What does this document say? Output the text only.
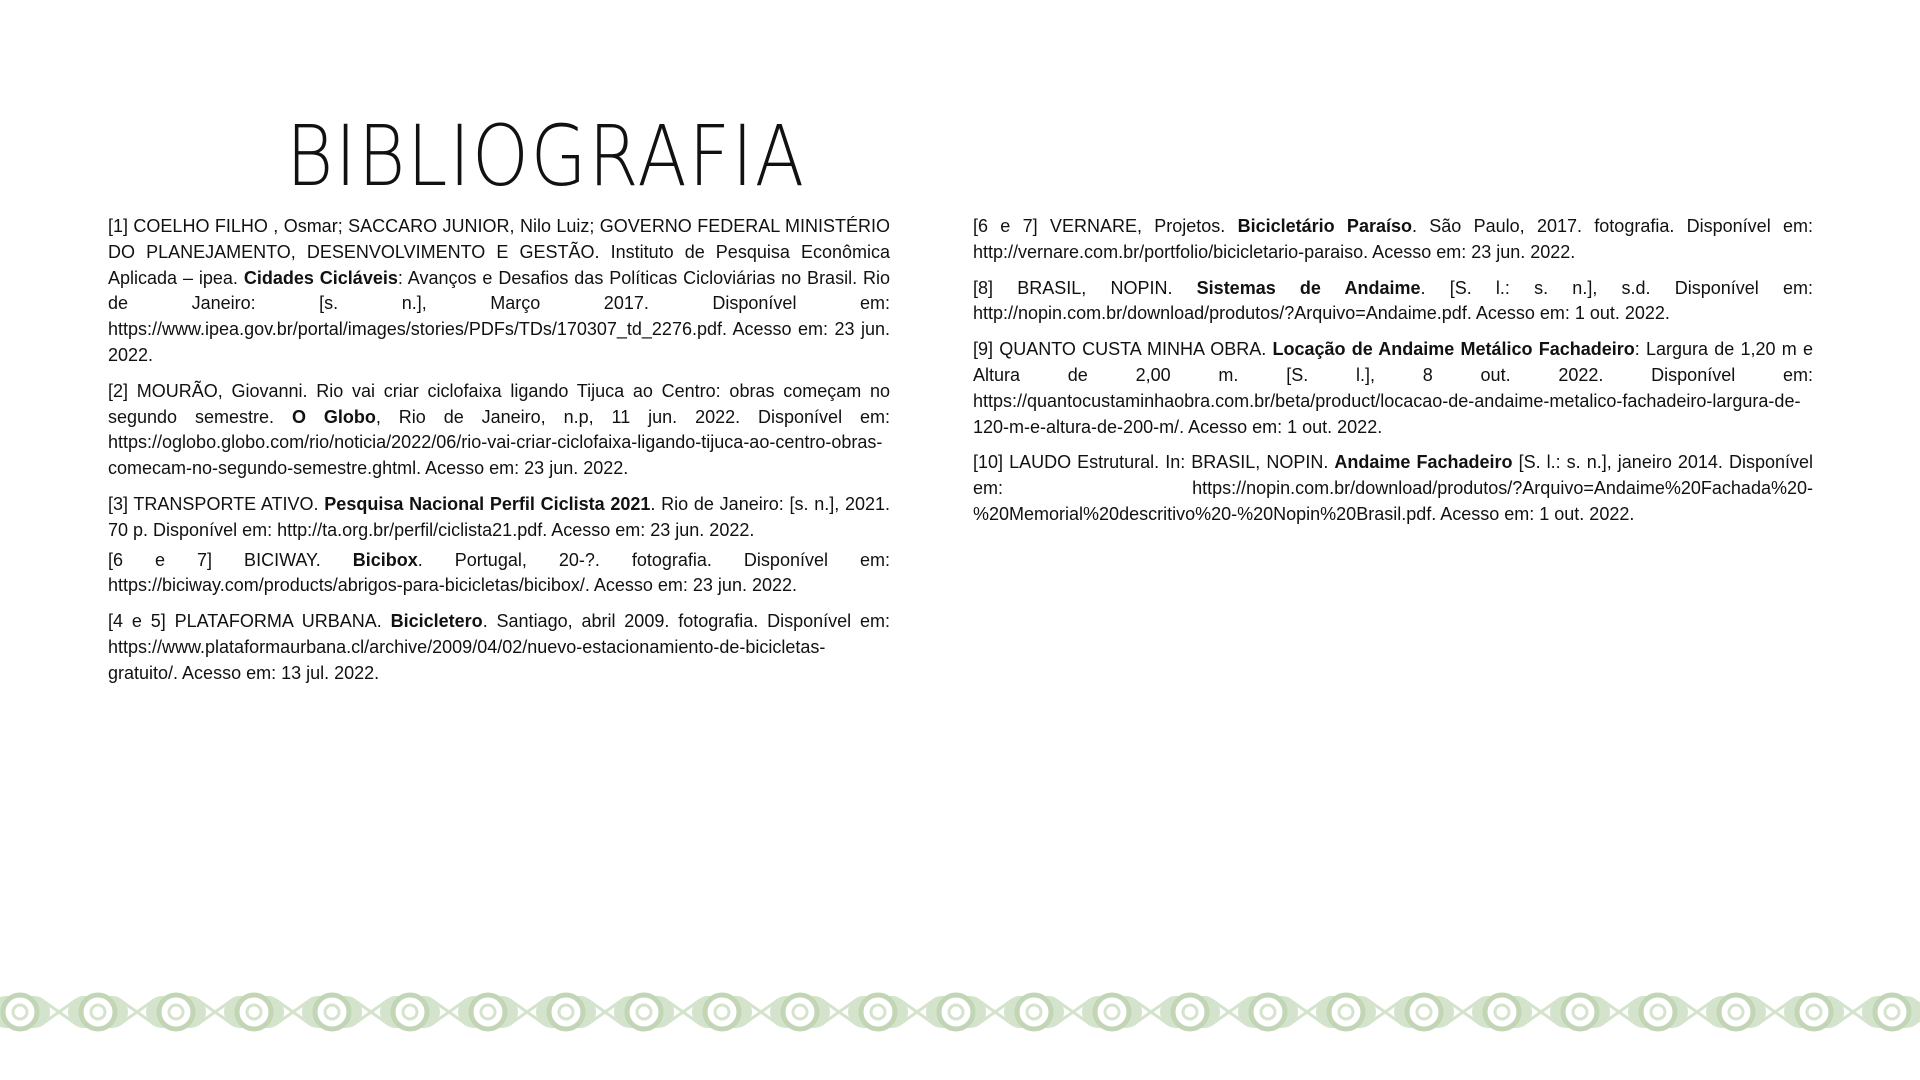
BIBLIOGRAFIA

[1] COELHO FILHO , Osmar; SACCARO JUNIOR, Nilo Luiz; GOVERNO FEDERAL MINISTÉRIO DO PLANEJAMENTO, DESENVOLVIMENTO E GESTÃO. Instituto de Pesquisa Econômica Aplicada – ipea. Cidades Cicláveis: Avanços e Desafios das Políticas Cicloviárias no Brasil. Rio de Janeiro: [s. n.], Março 2017. Disponível em: https://www.ipea.gov.br/portal/images/stories/PDFs/TDs/170307_td_2276.pdf. Acesso em: 23 jun. 2022.

[2] MOURÃO, Giovanni. Rio vai criar ciclofaixa ligando Tijuca ao Centro: obras começam no segundo semestre. O Globo, Rio de Janeiro, n.p, 11 jun. 2022. Disponível em: https://oglobo.globo.com/rio/noticia/2022/06/rio-vai-criar-ciclofaixa-ligando-tijuca-ao-centro-obras-comecam-no-segundo-semestre.ghtml. Acesso em: 23 jun. 2022.

[3] TRANSPORTE ATIVO. Pesquisa Nacional Perfil Ciclista 2021. Rio de Janeiro: [s. n.], 2021. 70 p. Disponível em: http://ta.org.br/perfil/ciclista21.pdf. Acesso em: 23 jun. 2022.

[6 e 7] BICIWAY. Bicibox. Portugal, 20-?. fotografia. Disponível em: https://biciway.com/products/abrigos-para-bicicletas/bicibox/. Acesso em: 23 jun. 2022.

[4 e 5] PLATAFORMA URBANA. Bicicletero. Santiago, abril 2009. fotografia. Disponível em: https://www.plataformaurbana.cl/archive/2009/04/02/nuevo-estacionamiento-de-bicicletas-gratuito/. Acesso em: 13 jul. 2022.

[6 e 7] VERNARE, Projetos. Bicicletário Paraíso. São Paulo, 2017. fotografia. Disponível em: http://vernare.com.br/portfolio/bicicletario-paraiso. Acesso em: 23 jun. 2022.

[8] BRASIL, NOPIN. Sistemas de Andaime. [S. l.: s. n.], s.d. Disponível em: http://nopin.com.br/download/produtos/?Arquivo=Andaime.pdf. Acesso em: 1 out. 2022.

[9] QUANTO CUSTA MINHA OBRA. Locação de Andaime Metálico Fachadeiro: Largura de 1,20 m e Altura de 2,00 m. [S. l.], 8 out. 2022. Disponível em: https://quantocustaminhaobra.com.br/beta/product/locacao-de-andaime-metalico-fachadeiro-largura-de-120-m-e-altura-de-200-m/. Acesso em: 1 out. 2022.

[10] LAUDO Estrutural. In: BRASIL, NOPIN. Andaime Fachadeiro [S. l.: s. n.], janeiro 2014. Disponível em: https://nopin.com.br/download/produtos/?Arquivo=Andaime%20Fachada%20-%20Memorial%20descritivo%20-%20Nopin%20Brasil.pdf. Acesso em: 1 out. 2022.
